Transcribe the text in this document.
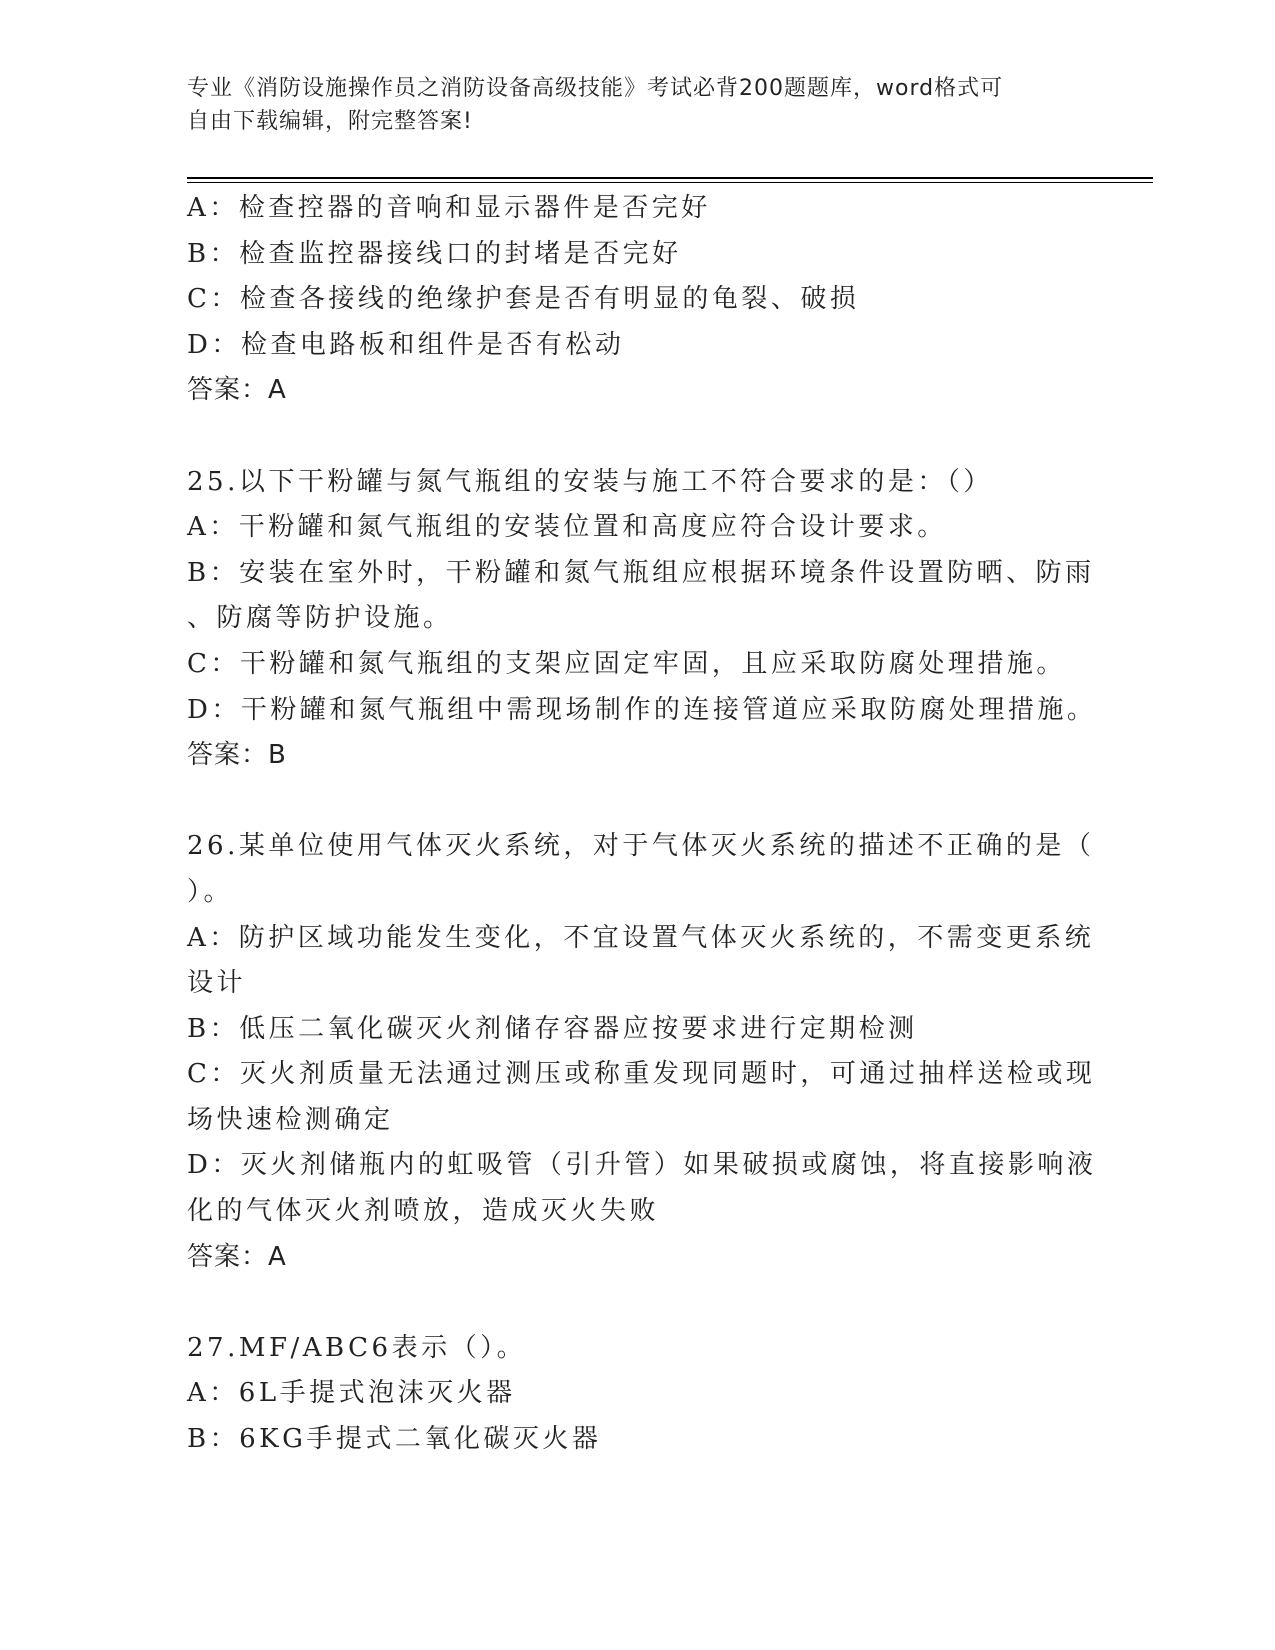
专业《消防设施操作员之消防设备高级技能》考试必背200题题库，word格式可
自由下载编辑，附完整答案!
A：检查控器的音响和显示器件是否完好
B：检查监控器接线口的封堵是否完好
C：检查各接线的绝缘护套是否有明显的龟裂、破损
D：检查电路板和组件是否有松动
答案：A
25.以下干粉罐与氮气瓶组的安装与施工不符合要求的是：（）
A：干粉罐和氮气瓶组的安装位置和高度应符合设计要求。
B：安装在室外时，干粉罐和氮气瓶组应根据环境条件设置防晒、防雨
、防腐等防护设施。
C：干粉罐和氮气瓶组的支架应固定牢固，且应采取防腐处理措施。
D：干粉罐和氮气瓶组中需现场制作的连接管道应采取防腐处理措施。
答案：B
26.某单位使用气体灭火系统，对于气体灭火系统的描述不正确的是（
）。
A：防护区域功能发生变化，不宜设置气体灭火系统的，不需变更系统
设计
B：低压二氧化碳灭火剂储存容器应按要求进行定期检测
C：灭火剂质量无法通过测压或称重发现同题时，可通过抽样送检或现
场快速检测确定
D：灭火剂储瓶内的虹吸管（引升管）如果破损或腐蚀，将直接影响液
化的气体灭火剂喷放，造成灭火失败
答案：A
27.MF/ABC6表示（）。
A：6L手提式泡沫灭火器
B：6KG手提式二氧化碳灭火器
